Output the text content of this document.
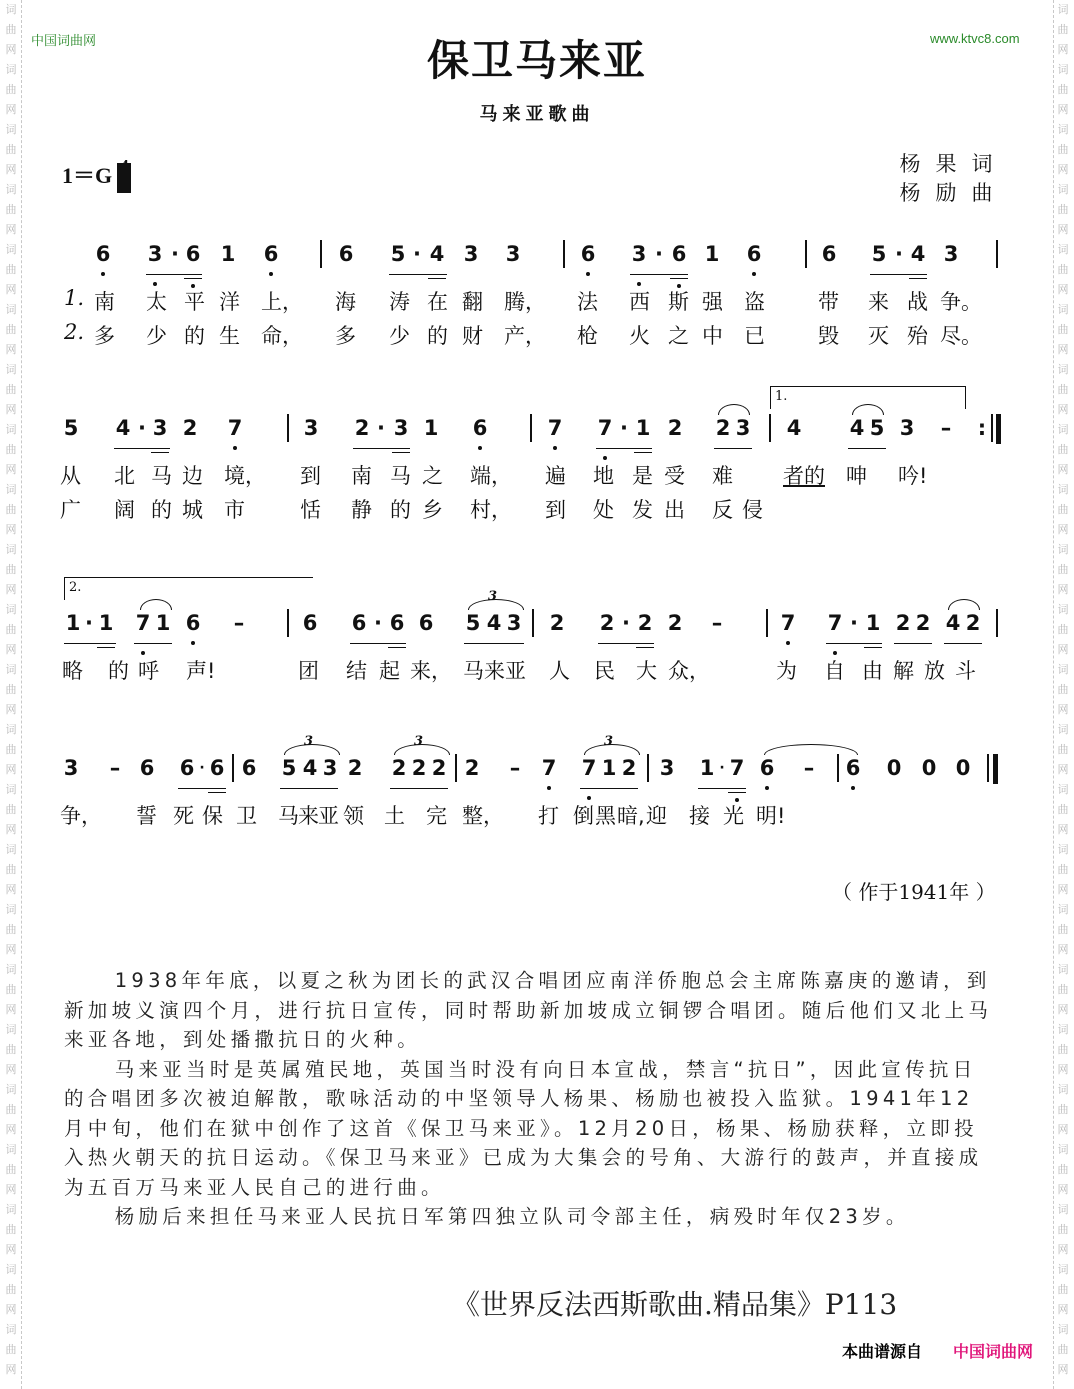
词
曲
网
词
曲
网
词
曲
网
词
曲
网
词
曲
网
词
曲
网
词
曲
网
词
曲
网
词
曲
网
词
曲
网
词
曲
网
词
曲
网
词
曲
网
词
曲
网
词
曲
网
词
曲
网
词
曲
网
词
曲
网
词
曲
网
词
曲
网
词
曲
网
词
曲
网
词
曲
网
词
曲
网
词
曲
网
词
曲
网
词
曲
网
词
曲
网
词
曲
网
词
曲
网
词
曲
网
词
曲
网
词
曲
网
词
曲
网
词
曲
网
词
曲
网
词
曲
网
词
曲
网
词
曲
网
词
曲
网
词
曲
网
词
曲
网
词
曲
网
词
曲
网
词
曲
网
词
曲
网
中国词曲网	www.ktvc8.com
保卫马来亚
马来亚歌曲
1＝G	杨 果 词
杨 励 曲
6 3 · 6 1 6	6 5 · 4 3 3	6 3 · 6 1 6	6 5 · 4 3
1. 南 太 平 洋 上， 海 涛 在 翻 腾， 法 西 斯 强 盗	带 来 战 争。
2. 多 少 的 生 命， 多 少 的 财 产， 枪 火 之 中 已	毁 灭 殆 尽。
1.
5 4 · 3 2 7	3 2 · 3 1 6	7 7 · 1 2 2 3 4 4 5 3 – :
从 北 马 边 境， 到 南 马 之 端， 遍 地 是 受 难 者的 呻 吟!
广 阔 的 城 市	恬 静 的 乡 村， 到 处 发 出 反 侵
2.
1 · 1 7 1 6 –	6 6 · 6 6
3
5 4 3 2 2 · 2 2 –	7 7 · 1 2 2 4 2
略 的 呼 声!	团 结 起 来， 马来亚 人 民 大 众，	为 自 由 解 放 斗
3 – 6 6 · 6 6
3
5 4 3 2
3
2 2 2 2 – 7
3
7 1 2 3 1 · 7 6 – 6 0 0 0
争， 誓 死 保 卫 马来亚 领 土 完 整， 打 倒 黑 暗, 迎 接 光 明!
（ 作于1941年 ）

1938年年底，以夏之秋为团长的武汉合唱团应南洋侨胞总会主席陈嘉庚的邀请，到新加坡义演四个月，进行抗日宣传，同时帮助新加坡成立铜锣合唱团。随后他们又北上马来亚各地，到处播撒抗日的火种。

马来亚当时是英属殖民地，英国当时没有向日本宣战，禁言“抗日”，因此宣传抗日的合唱团多次被迫解散，歌咏活动的中坚领导人杨果、杨励也被投入监狱。1941年12月中旬，他们在狱中创作了这首《保卫马来亚》。12月20日，杨果、杨励获释，立即投入热火朝天的抗日运动。《保卫马来亚》已成为大集会的号角、大游行的鼓声，并直接成为五百万马来亚人民自己的进行曲。

杨励后来担任马来亚人民抗日军第四独立队司令部主任，病殁时年仅23岁。

《世界反法西斯歌曲.精品集》P113
本曲谱源自 中国词曲网
